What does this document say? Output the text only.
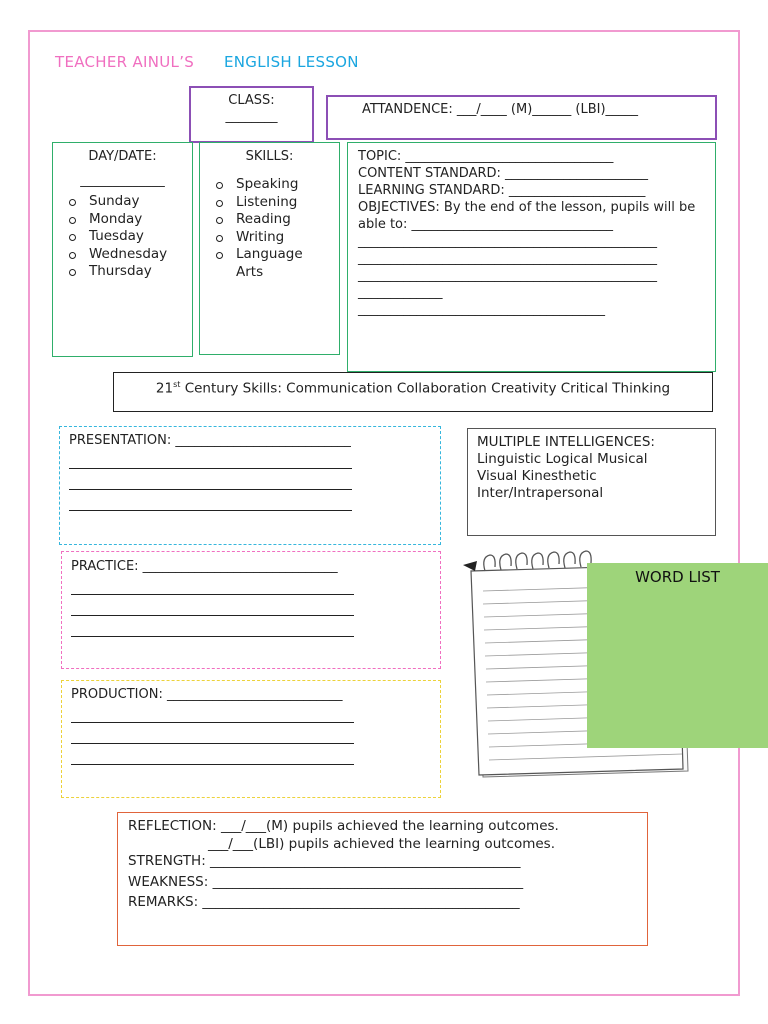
TEACHER AINUL’S ENGLISH LESSON
CLASS:
________	ATTANDENCE: ___/____ (M)______ (LBI)_____
DAY/DATE:
_____________
Sunday
Monday
Tuesday
Wednesday
Thursday
SKILLS:
Speaking
Listening
Reading
Writing
Language Arts
TOPIC: ________________________________
CONTENT STANDARD: ______________________
LEARNING STANDARD: _____________________
OBJECTIVES: By the end of the lesson, pupils will be able to: _______________________________
______________________________________________
______________________________________________
______________________________________________
_____________
______________________________________
21st Century Skills: Communication Collaboration Creativity Critical Thinking
PRESENTATION: ___________________________
PRACTICE: ______________________________
PRODUCTION: ___________________________
MULTIPLE INTELLIGENCES:
Linguistic Logical Musical
Visual Kinesthetic
Inter/Intrapersonal
WORD LIST
REFLECTION: ___/___(M) pupils achieved the learning outcomes.
___/___(LBI) pupils achieved the learning outcomes.
STRENGTH: ______________________________________________
WEAKNESS: ______________________________________________
REMARKS: _______________________________________________
